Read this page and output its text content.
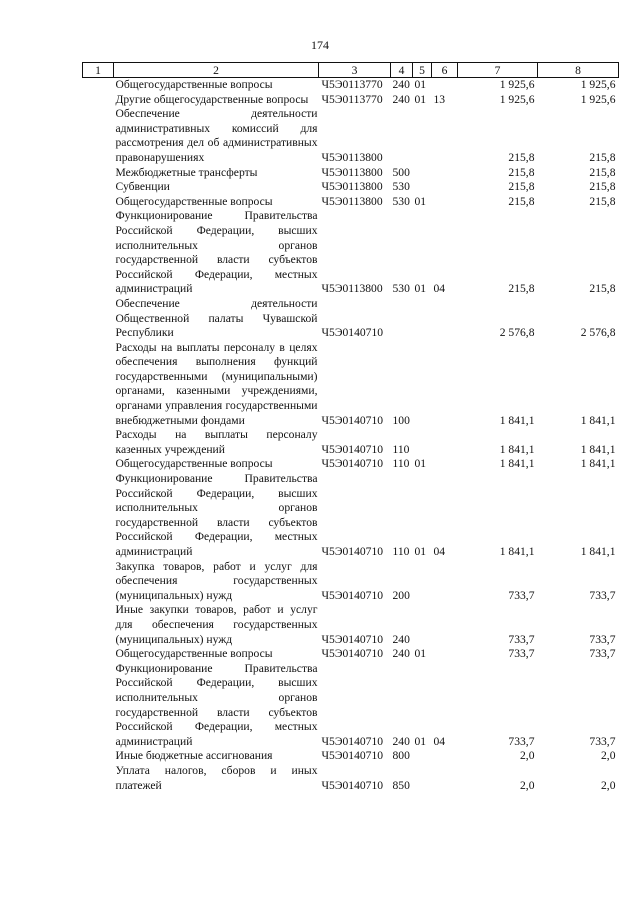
174
1	2	3	4	5	6	7	8
	Общегосударственные вопросы	Ч5Э0113770	240	01		1 925,6	1 925,6
	Другие общегосударственные вопросы	Ч5Э0113770	240	01	13	1 925,6	1 925,6
	Обеспечение деятельности административных комиссий для рассмотрения дел об административных правонарушениях	Ч5Э0113800				215,8	215,8
	Межбюджетные трансферты	Ч5Э0113800	500			215,8	215,8
	Субвенции	Ч5Э0113800	530			215,8	215,8
	Общегосударственные вопросы	Ч5Э0113800	530	01		215,8	215,8
	Функционирование Правительства Российской Федерации, высших исполнительных органов государственной власти субъектов Российской Федерации, местных администраций	Ч5Э0113800	530	01	04	215,8	215,8
	Обеспечение деятельности Общественной палаты Чувашской Республики	Ч5Э0140710				2 576,8	2 576,8
	Расходы на выплаты персоналу в целях обеспечения выполнения функций государственными (муниципальными) органами, казенными учреждениями, органами управления государственными внебюджетными фондами	Ч5Э0140710	100			1 841,1	1 841,1
	Расходы на выплаты персоналу казенных учреждений	Ч5Э0140710	110			1 841,1	1 841,1
	Общегосударственные вопросы	Ч5Э0140710	110	01		1 841,1	1 841,1
	Функционирование Правительства Российской Федерации, высших исполнительных органов государственной власти субъектов Российской Федерации, местных администраций	Ч5Э0140710	110	01	04	1 841,1	1 841,1
	Закупка товаров, работ и услуг для обеспечения государственных (муниципальных) нужд	Ч5Э0140710	200			733,7	733,7
	Иные закупки товаров, работ и услуг для обеспечения государственных (муниципальных) нужд	Ч5Э0140710	240			733,7	733,7
	Общегосударственные вопросы	Ч5Э0140710	240	01		733,7	733,7
	Функционирование Правительства Российской Федерации, высших исполнительных органов государственной власти субъектов Российской Федерации, местных администраций	Ч5Э0140710	240	01	04	733,7	733,7
	Иные бюджетные ассигнования	Ч5Э0140710	800			2,0	2,0
	Уплата налогов, сборов и иных платежей	Ч5Э0140710	850			2,0	2,0
